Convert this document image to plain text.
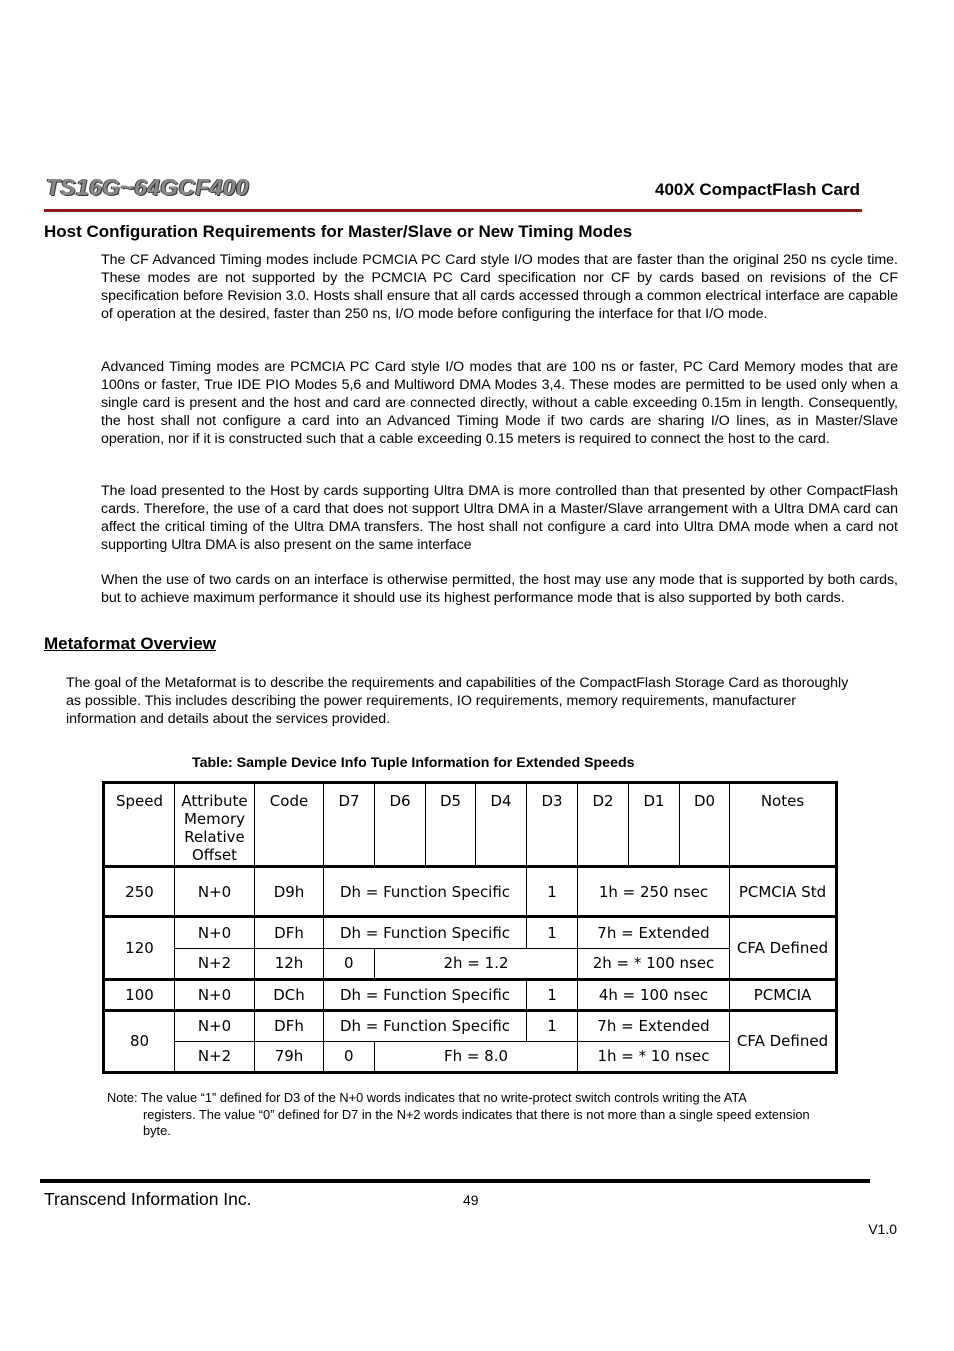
TS16G~64GCF400	400X CompactFlash Card
Host Configuration Requirements for Master/Slave or New Timing Modes
The CF Advanced Timing modes include PCMCIA PC Card style I/O modes that are faster than the original 250 ns cycle time. These modes are not supported by the PCMCIA PC Card specification nor CF by cards based on revisions of the CF specification before Revision 3.0. Hosts shall ensure that all cards accessed through a common electrical interface are capable of operation at the desired, faster than 250 ns, I/O mode before configuring the interface for that I/O mode.
Advanced Timing modes are PCMCIA PC Card style I/O modes that are 100 ns or faster, PC Card Memory modes that are 100ns or faster, True IDE PIO Modes 5,6 and Multiword DMA Modes 3,4. These modes are permitted to be used only when a single card is present and the host and card are connected directly, without a cable exceeding 0.15m in length. Consequently, the host shall not configure a card into an Advanced Timing Mode if two cards are sharing I/O lines, as in Master/Slave operation, nor if it is constructed such that a cable exceeding 0.15 meters is required to connect the host to the card.
The load presented to the Host by cards supporting Ultra DMA is more controlled than that presented by other CompactFlash cards. Therefore, the use of a card that does not support Ultra DMA in a Master/Slave arrangement with a Ultra DMA card can affect the critical timing of the Ultra DMA transfers. The host shall not configure a card into Ultra DMA mode when a card not supporting Ultra DMA is also present on the same interface
When the use of two cards on an interface is otherwise permitted, the host may use any mode that is supported by both cards, but to achieve maximum performance it should use its highest performance mode that is also supported by both cards.
Metaformat Overview
The goal of the Metaformat is to describe the requirements and capabilities of the CompactFlash Storage Card as thoroughly as possible. This includes describing the power requirements, IO requirements, memory requirements, manufacturer information and details about the services provided.
Table: Sample Device Info Tuple Information for Extended Speeds
Speed	Attribute Memory Relative Offset	Code	D7	D6	D5	D4	D3	D2	D1	D0	Notes
250	N+0	D9h	Dh = Function Specific				1	1h = 250 nsec			PCMCIA Std
120	N+0	DFh	Dh = Function Specific				1	7h = Extended			CFA Defined
	N+2	12h	0	2h = 1.2				2h = * 100 nsec			
100	N+0	DCh	Dh = Function Specific				1	4h = 100 nsec			PCMCIA
80	N+0	DFh	Dh = Function Specific				1	7h = Extended			CFA Defined
	N+2	79h	0	Fh = 8.0				1h = * 10 nsec			
Note: The value “1” defined for D3 of the N+0 words indicates that no write-protect switch controls writing the ATA
registers. The value “0” defined for D7 in the N+2 words indicates that there is not more than a single speed extension byte.
Transcend Information Inc.	49
V1.0
